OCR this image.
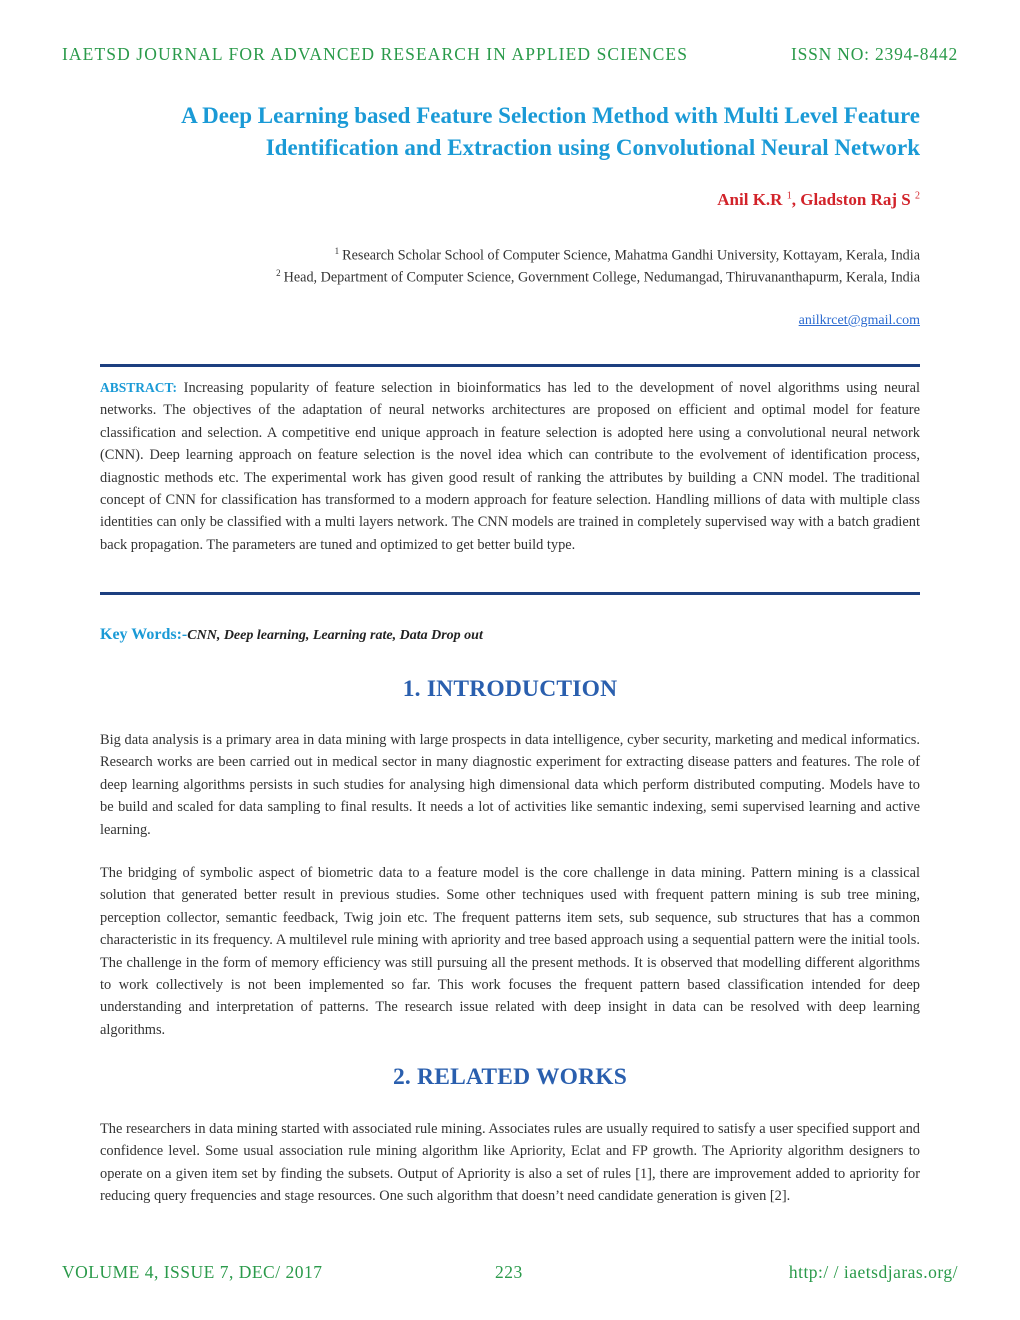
IAETSD JOURNAL FOR ADVANCED RESEARCH IN APPLIED SCIENCES	ISSN NO: 2394-8442
A Deep Learning based Feature Selection Method with Multi Level Feature Identification and Extraction using Convolutional Neural Network
Anil K.R $^1$, Gladston Raj S $^2$
$^1$ Research Scholar School of Computer Science, Mahatma Gandhi University, Kottayam, Kerala, India
$^2$ Head, Department of Computer Science, Government College, Nedumangad, Thiruvananthapurm, Kerala, India
anilkrcet@gmail.com
ABSTRACT: Increasing popularity of feature selection in bioinformatics has led to the development of novel algorithms using neural networks. The objectives of the adaptation of neural networks architectures are proposed on efficient and optimal model for feature classification and selection. A competitive end unique approach in feature selection is adopted here using a convolutional neural network (CNN). Deep learning approach on feature selection is the novel idea which can contribute to the evolvement of identification process, diagnostic methods etc. The experimental work has given good result of ranking the attributes by building a CNN model. The traditional concept of CNN for classification has transformed to a modern approach for feature selection. Handling millions of data with multiple class identities can only be classified with a multi layers network. The CNN models are trained in completely supervised way with a batch gradient back propagation. The parameters are tuned and optimized to get better build type.
Key Words:-CNN, Deep learning, Learning rate, Data Drop out
1. INTRODUCTION
Big data analysis is a primary area in data mining with large prospects in data intelligence, cyber security, marketing and medical informatics. Research works are been carried out in medical sector in many diagnostic experiment for extracting disease patters and features. The role of deep learning algorithms persists in such studies for analysing high dimensional data which perform distributed computing. Models have to be build and scaled for data sampling to final results. It needs a lot of activities like semantic indexing, semi supervised learning and active learning.
The bridging of symbolic aspect of biometric data to a feature model is the core challenge in data mining. Pattern mining is a classical solution that generated better result in previous studies. Some other techniques used with frequent pattern mining is sub tree mining, perception collector, semantic feedback, Twig join etc. The frequent patterns item sets, sub sequence, sub structures that has a common characteristic in its frequency. A multilevel rule mining with apriority and tree based approach using a sequential pattern were the initial tools. The challenge in the form of memory efficiency was still pursuing all the present methods. It is observed that modelling different algorithms to work collectively is not been implemented so far. This work focuses the frequent pattern based classification intended for deep understanding and interpretation of patterns. The research issue related with deep insight in data can be resolved with deep learning algorithms.
2. RELATED WORKS
The researchers in data mining started with associated rule mining. Associates rules are usually required to satisfy a user specified support and confidence level. Some usual association rule mining algorithm like Apriority, Eclat and FP growth. The Apriority algorithm designers to operate on a given item set by finding the subsets. Output of Apriority is also a set of rules [1], there are improvement added to apriority for reducing query frequencies and stage resources. One such algorithm that doesn’t need candidate generation is given [2].
VOLUME 4, ISSUE 7, DEC/ 2017	223	http:/ / iaetsdjaras.org/
